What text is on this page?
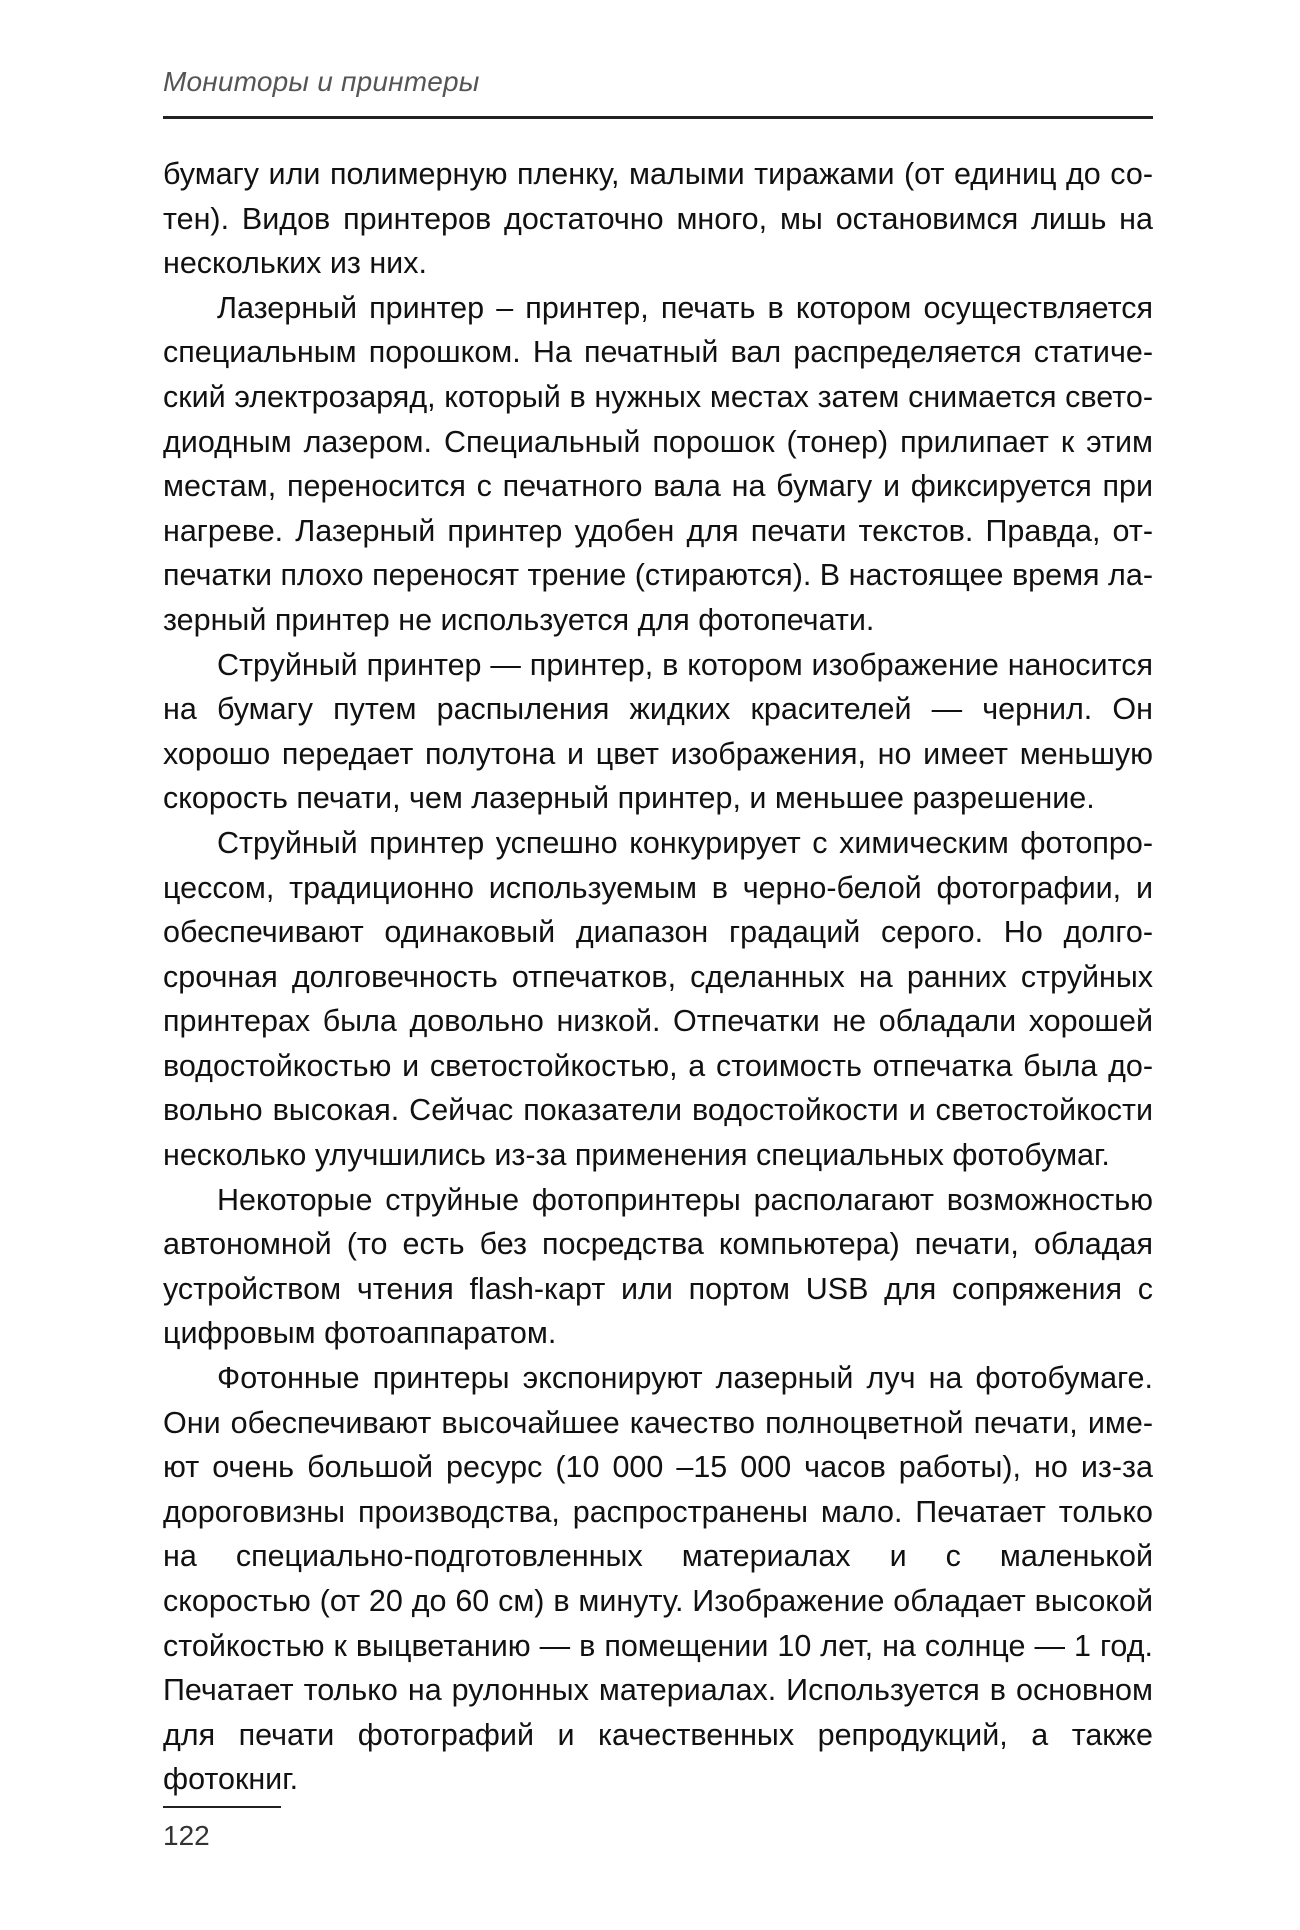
Мониторы и принтеры

бумагу или полимерную пленку, малыми тиражами (от единиц до сотен). Видов принтеров достаточно много, мы остановимся лишь на нескольких из них.

Лазерный принтер – принтер, печать в котором осуществляется специальным порошком. На печатный вал распределяется статический электрозаряд, который в нужных местах затем снимается светодиодным лазером. Специальный порошок (тонер) прилипает к этим местам, переносится с печатного вала на бумагу и фиксируется при нагреве. Лазерный принтер удобен для печати текстов. Правда, отпечатки плохо переносят трение (стираются). В настоящее время лазерный принтер не используется для фотопечати.

Струйный принтер — принтер, в котором изображение наносится на бумагу путем распыления жидких красителей — чернил. Он хорошо передает полутона и цвет изображения, но имеет меньшую скорость печати, чем лазерный принтер, и меньшее разрешение.

Струйный принтер успешно конкурирует с химическим фотопроцессом, традиционно используемым в черно-белой фотографии, и обеспечивают одинаковый диапазон градаций серого. Но долгосрочная долговечность отпечатков, сделанных на ранних струйных принтерах была довольно низкой. Отпечатки не обладали хорошей водостойкостью и светостойкостью, а стоимость отпечатка была довольно высокая. Сейчас показатели водостойкости и светостойкости несколько улучшились из-за применения специальных фотобумаг.

Некоторые струйные фотопринтеры располагают возможностью автономной (то есть без посредства компьютера) печати, обладая устройством чтения flash-карт или портом USB для сопряжения с цифровым фотоаппаратом.

Фотонные принтеры экспонируют лазерный луч на фотобумаге. Они обеспечивают высочайшее качество полноцветной печати, имеют очень большой ресурс (10 000 –15 000 часов работы), но из-за дороговизны производства, распространены мало. Печатает только на специально-подготовленных материалах и с маленькой скоростью (от 20 до 60 см) в минуту. Изображение обладает высокой стойкостью к выцветанию — в помещении 10 лет, на солнце — 1 год. Печатает только на рулонных материалах. Используется в основном для печати фотографий и качественных репродукций, а также фотокниг.

122
